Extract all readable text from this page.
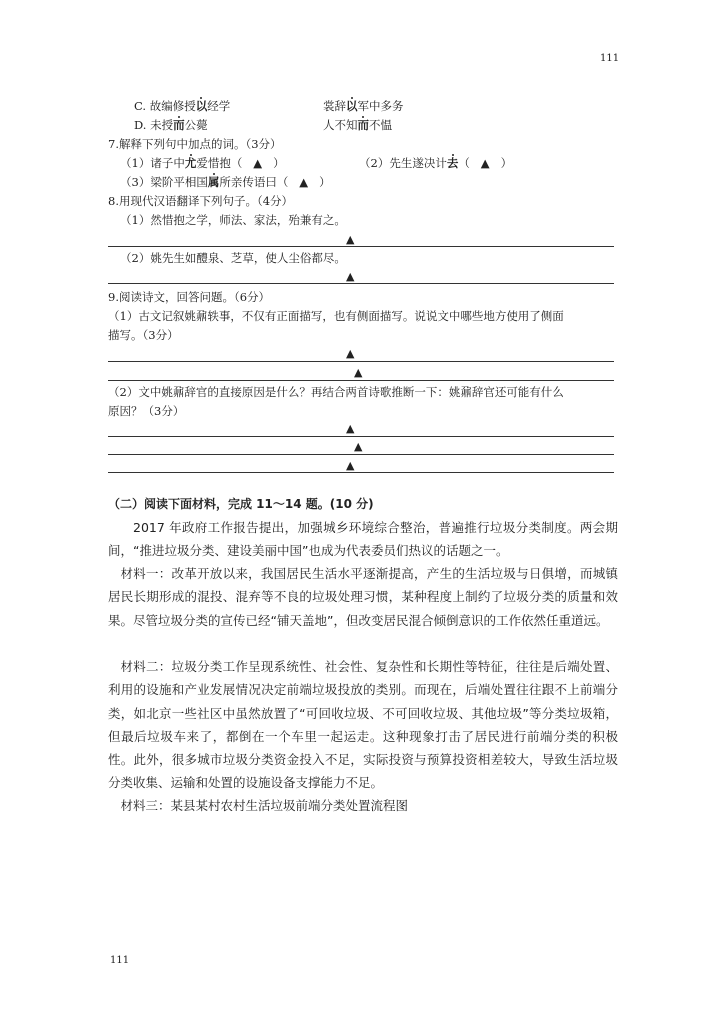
111
C. 故编修授以经学	裳辞以军中多务
D. 未授而公薨	人不知而不愠
7.解释下列句中加点的词。（3分）
（1）诸子中尤爱惜抱（ ▲ ）	（2）先生遂决计去（ ▲ ）
（3）梁阶平相国属所亲传语曰（ ▲ ）
8.用现代汉语翻译下列句子。（4分）
（1）然惜抱之学，师法、家法，殆兼有之。
▲
（2）姚先生如醴泉、芝草，使人尘俗都尽。
▲
9.阅读诗文，回答问题。（6分）
（1）古文记叙姚鼐轶事，不仅有正面描写，也有侧面描写。说说文中哪些地方使用了侧面
描写。（3分）
▲
▲
（2）文中姚鼐辞官的直接原因是什么？再结合两首诗歌推断一下：姚鼐辞官还可能有什么
原因？（3分）
▲
▲
▲
（二）阅读下面材料，完成 11～14 题。(10 分)
2017 年政府工作报告提出，加强城乡环境综合整治，普遍推行垃圾分类制度。两会期间，“推进垃圾分类、建设美丽中国”也成为代表委员们热议的话题之一。
材料一：改革开放以来，我国居民生活水平逐渐提高，产生的生活垃圾与日俱增，而城镇居民长期形成的混投、混弃等不良的垃圾处理习惯，某种程度上制约了垃圾分类的质量和效果。尽管垃圾分类的宣传已经“铺天盖地”，但改变居民混合倾倒意识的工作依然任重道远。
材料二：垃圾分类工作呈现系统性、社会性、复杂性和长期性等特征，往往是后端处置、利用的设施和产业发展情况决定前端垃圾投放的类别。而现在，后端处置往往跟不上前端分类，如北京一些社区中虽然放置了“可回收垃圾、不可回收垃圾、其他垃圾”等分类垃圾箱，但最后垃圾车来了，都倒在一个车里一起运走。这种现象打击了居民进行前端分类的积极性。此外，很多城市垃圾分类资金投入不足，实际投资与预算投资相差较大，导致生活垃圾分类收集、运输和处置的设施设备支撑能力不足。
材料三：某县某村农村生活垃圾前端分类处置流程图
111
